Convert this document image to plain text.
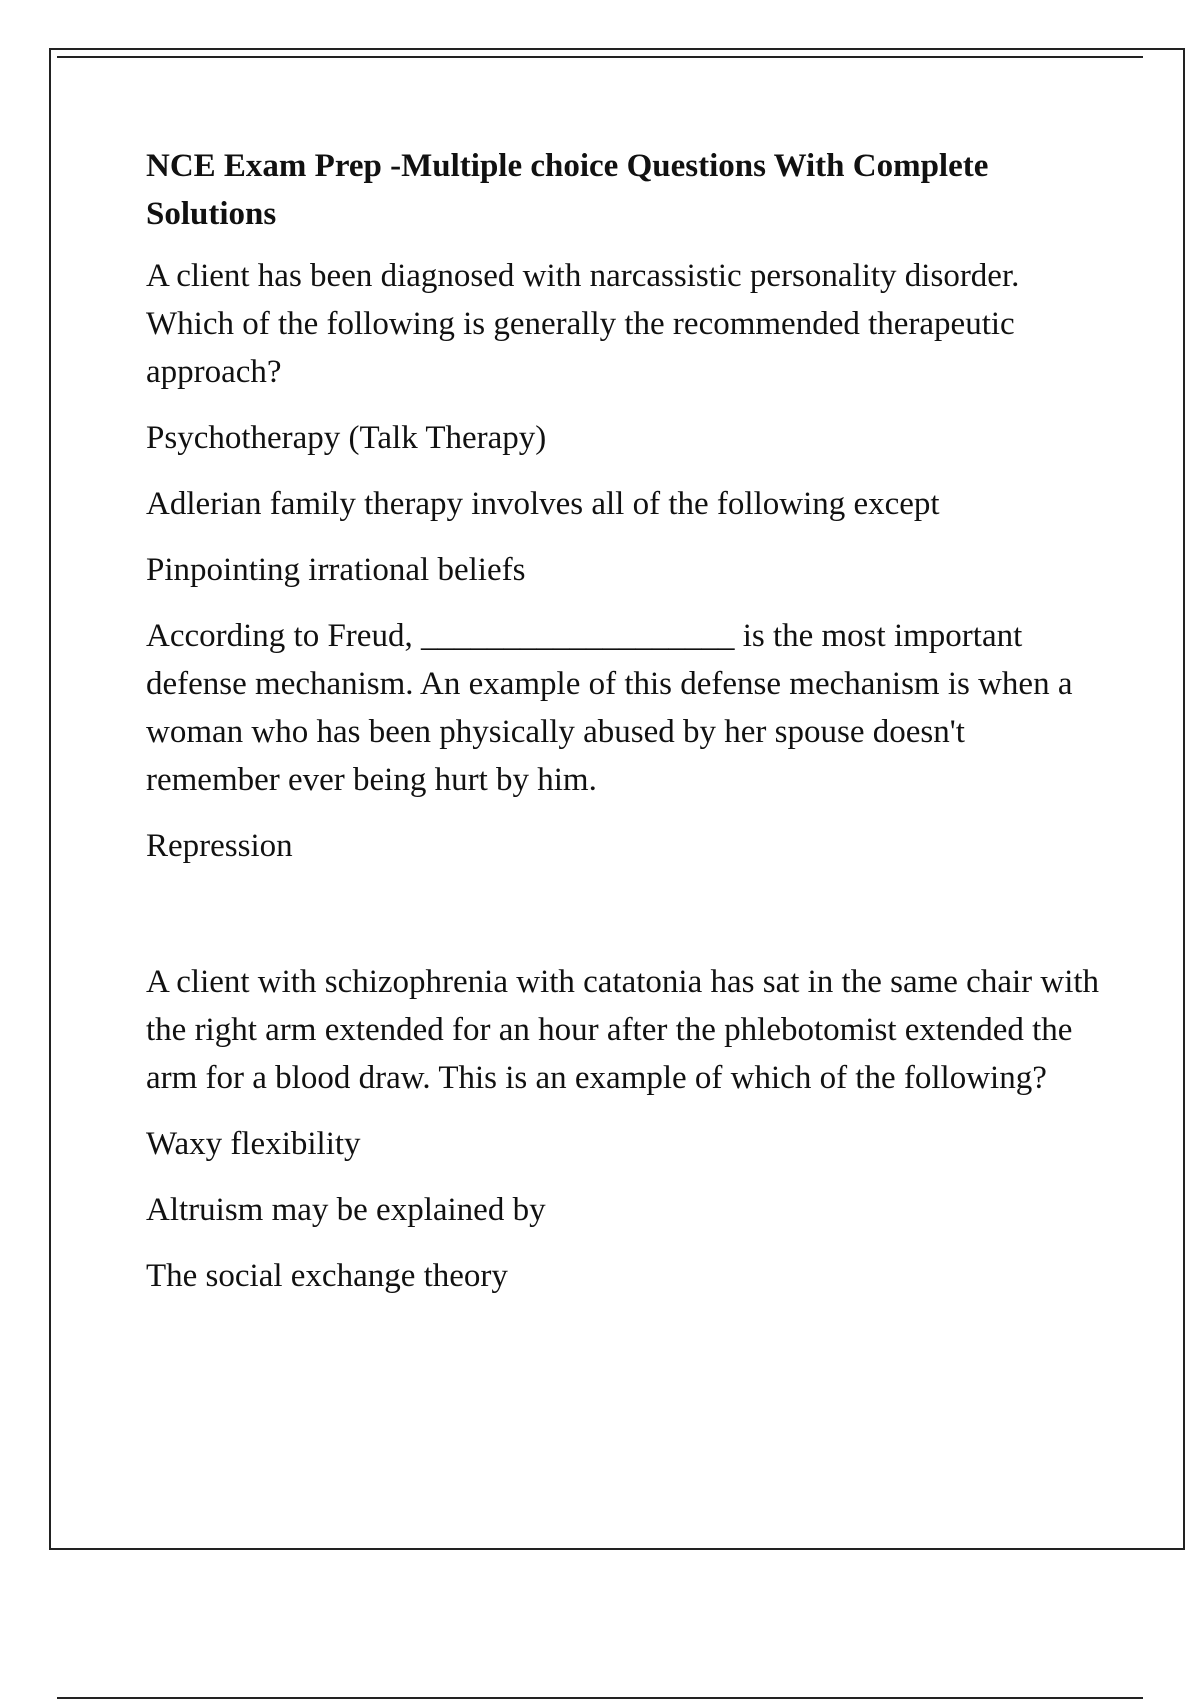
NCE Exam Prep -Multiple choice Questions With Complete Solutions

A client has been diagnosed with narcassistic personality disorder. Which of the following is generally the recommended therapeutic approach?

Psychotherapy (Talk Therapy)

Adlerian family therapy involves all of the following except

Pinpointing irrational beliefs

According to Freud, ___________________ is the most important defense mechanism. An example of this defense mechanism is when a woman who has been physically abused by her spouse doesn't remember ever being hurt by him.

Repression

A client with schizophrenia with catatonia has sat in the same chair with the right arm extended for an hour after the phlebotomist extended the arm for a blood draw. This is an example of which of the following?

Waxy flexibility

Altruism may be explained by

The social exchange theory
